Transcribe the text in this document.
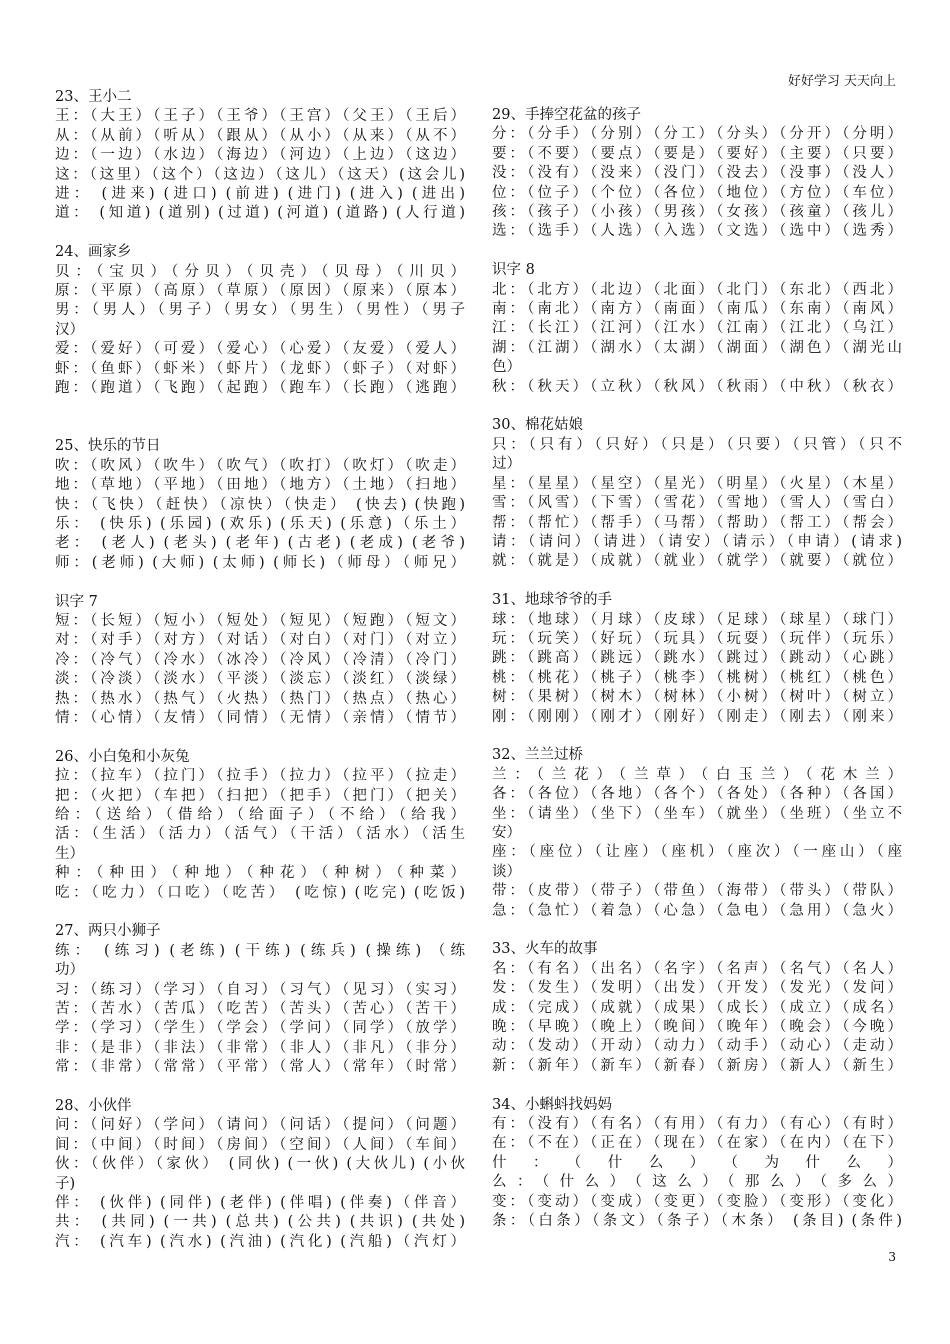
好好学习 天天向上
23、王小二
王：（大王）（王子）（王爷）（王宫）（父王）（王后）
从：（从前）（听从）（跟从）（从小）（从来）（从不）
边：（一边）（水边）（海边）（河边）（上边）（这边）
这：（这里）（这个）（这边）（这儿）（这天）(这会儿)
进： (进来) (进口) (前进) (进门) (进入) (进出)
道： (知道) (道别) (过道) (河道) (道路) (人行道)
24、画家乡
贝：（宝贝）（分贝）（贝壳）（贝母）（川贝）
原：（平原）（高原）（草原）（原因）（原来）（原本）
男：（男人）（男子）（男女）（男生）（男性）（男子
汉）
爱：（爱好）（可爱）（爱心）（心爱）（友爱）（爱人）
虾：（鱼虾）（虾米）（虾片）（龙虾）（虾子）（对虾）
跑：（跑道）（飞跑）（起跑）（跑车）（长跑）（逃跑）
25、快乐的节日
吹：（吹风）（吹牛）（吹气）（吹打）（吹灯）（吹走）
地：（草地）（平地）（田地）（地方）（土地）（扫地）
快：（飞快）（赶快）（凉快）（快走） (快去) (快跑)
乐： (快乐) (乐园) (欢乐) (乐天) (乐意)（乐土）
老： (老人) (老头) (老年) (古老) (老成) (老爷)
师：(老师) (大师) (太师) (师长)（师母）（师兄）
识字 7
短：（长短）（短小）（短处）（短见）（短跑）（短文）
对：（对手）（对方）（对话）（对白）（对门）（对立）
冷：（冷气）（冷水）（冰冷）（冷风）（冷清）（冷门）
淡：（冷淡）（淡水）（平淡）（淡忘）（淡红）（淡绿）
热：（热水）（热气）（火热）（热门）（热点）（热心）
情：（心情）（友情）（同情）（无情）（亲情）（情节）
26、小白兔和小灰兔
拉：（拉车）（拉门）（拉手）（拉力）（拉平）（拉走）
把：（火把）（车把）（扫把）（把手）（把门）（把关）
给：（送给）（借给）（给面子）（不给）（给我）
活：（生活）（活力）（活气）（干活）（活水）（活生
生）
种：（种田）（种地）（种花）（种树）（种菜）
吃：（吃力）（口吃）（吃苦） (吃惊) (吃完) (吃饭)
27、两只小狮子
练： (练习) (老练) (干练) (练兵) (操练) （练
功）
习：（练习）（学习）（自习）（习气）（见习）（实习）
苦：（苦水）（苦瓜）（吃苦）（苦头）（苦心）（苦干）
学：（学习）（学生）（学会）（学问）（同学）（放学）
非：（是非）（非法）（非常）（非人）（非凡）（非分）
常：（非常）（常常）（平常）（常人）（常年）（时常）
28、小伙伴
问：（问好）（学问）（请问）（问话）（提问）（问题）
间：（中间）（时间）（房间）（空间）（人间）（车间）
伙：（伙伴）（家伙） (同伙) (一伙) (大伙儿) (小伙
子)
伴： (伙伴) (同伴) (老伴) (伴唱) (伴奏)（伴音）
共： (共同) (一共) (总共) (公共) (共识) (共处)
汽： (汽车) (汽水) (汽油) (汽化) (汽船)（汽灯）
29、手捧空花盆的孩子
分：（分手）（分别）（分工）（分头）（分开）（分明）
要：（不要）（要点）（要是）（要好）（主要）（只要）
没：（没有）（没来）（没门）（没去）（没事）（没人）
位：（位子）（个位）（各位）（地位）（方位）（车位）
孩：（孩子）（小孩）（男孩）（女孩）（孩童）（孩儿）
选：（选手）（人选）（入选）（文选）（选中）（选秀）
识字 8
北：（北方）（北边）（北面）（北门）（东北）（西北）
南：（南北）（南方）（南面）（南瓜）（东南）（南风）
江：（长江）（江河）（江水）（江南）（江北）（乌江）
湖：（江湖）（湖水）（太湖）（湖面）（湖色）（湖光山
色）
秋：（秋天）（立秋）（秋风）（秋雨）（中秋）（秋衣）
30、棉花姑娘
只：（只有）（只好）（只是）（只要）（只管）（只不
过）
星：（星星）（星空）（星光）（明星）（火星）（木星）
雪：（风雪）（下雪）（雪花）（雪地）（雪人）（雪白）
帮：（帮忙）（帮手）（马帮）（帮助）（帮工）（帮会）
请：（请问）（请进）（请安）（请示）（申请）(请求)
就：（就是）（成就）（就业）（就学）（就要）（就位）
31、地球爷爷的手
球：（地球）（月球）（皮球）（足球）（球星）（球门）
玩：（玩笑）（好玩）（玩具）（玩耍）（玩伴）（玩乐）
跳：（跳高）（跳远）（跳水）（跳过）（跳动）（心跳）
桃：（桃花）（桃子）（桃李）（桃树）（桃红）（桃色）
树：（果树）（树木）（树林）（小树）（树叶）（树立）
刚：（刚刚）（刚才）（刚好）（刚走）（刚去）（刚来）
32、兰兰过桥
兰：（兰花）（兰草）（白玉兰）（花木兰）
各：（各位）（各地）（各个）（各处）（各种）（各国）
坐：（请坐）（坐下）（坐车）（就坐）（坐班）（坐立不
安）
座：（座位）（让座）（座机）（座次）（一座山）（座
谈）
带：（皮带）（带子）（带鱼）（海带）（带头）（带队）
急：（急忙）（着急）（心急）（急电）（急用）（急火）
33、火车的故事
名：（有名）（出名）（名字）（名声）（名气）（名人）
发：（发生）（发明）（出发）（开发）（发光）（发问）
成：（完成）（成就）（成果）（成长）（成立）（成名）
晚：（早晚）（晚上）（晚间）（晚年）（晚会）（今晚）
动：（发动）（开动）（动力）（动手）（动心）（走动）
新：（新年）（新车）（新春）（新房）（新人）（新生）
34、小蝌蚪找妈妈
有：（没有）（有名）（有用）（有力）（有心）（有时）
在：（不在）（正在）（现在）（在家）（在内）（在下）
什：（什么）（为什么）
么：（什么）（这么）（那么）（多么）
变：（变动）（变成）（变更）（变脸）（变形）（变化）
条：（白条）（条文）（条子）（木条） (条目) (条件)
3
